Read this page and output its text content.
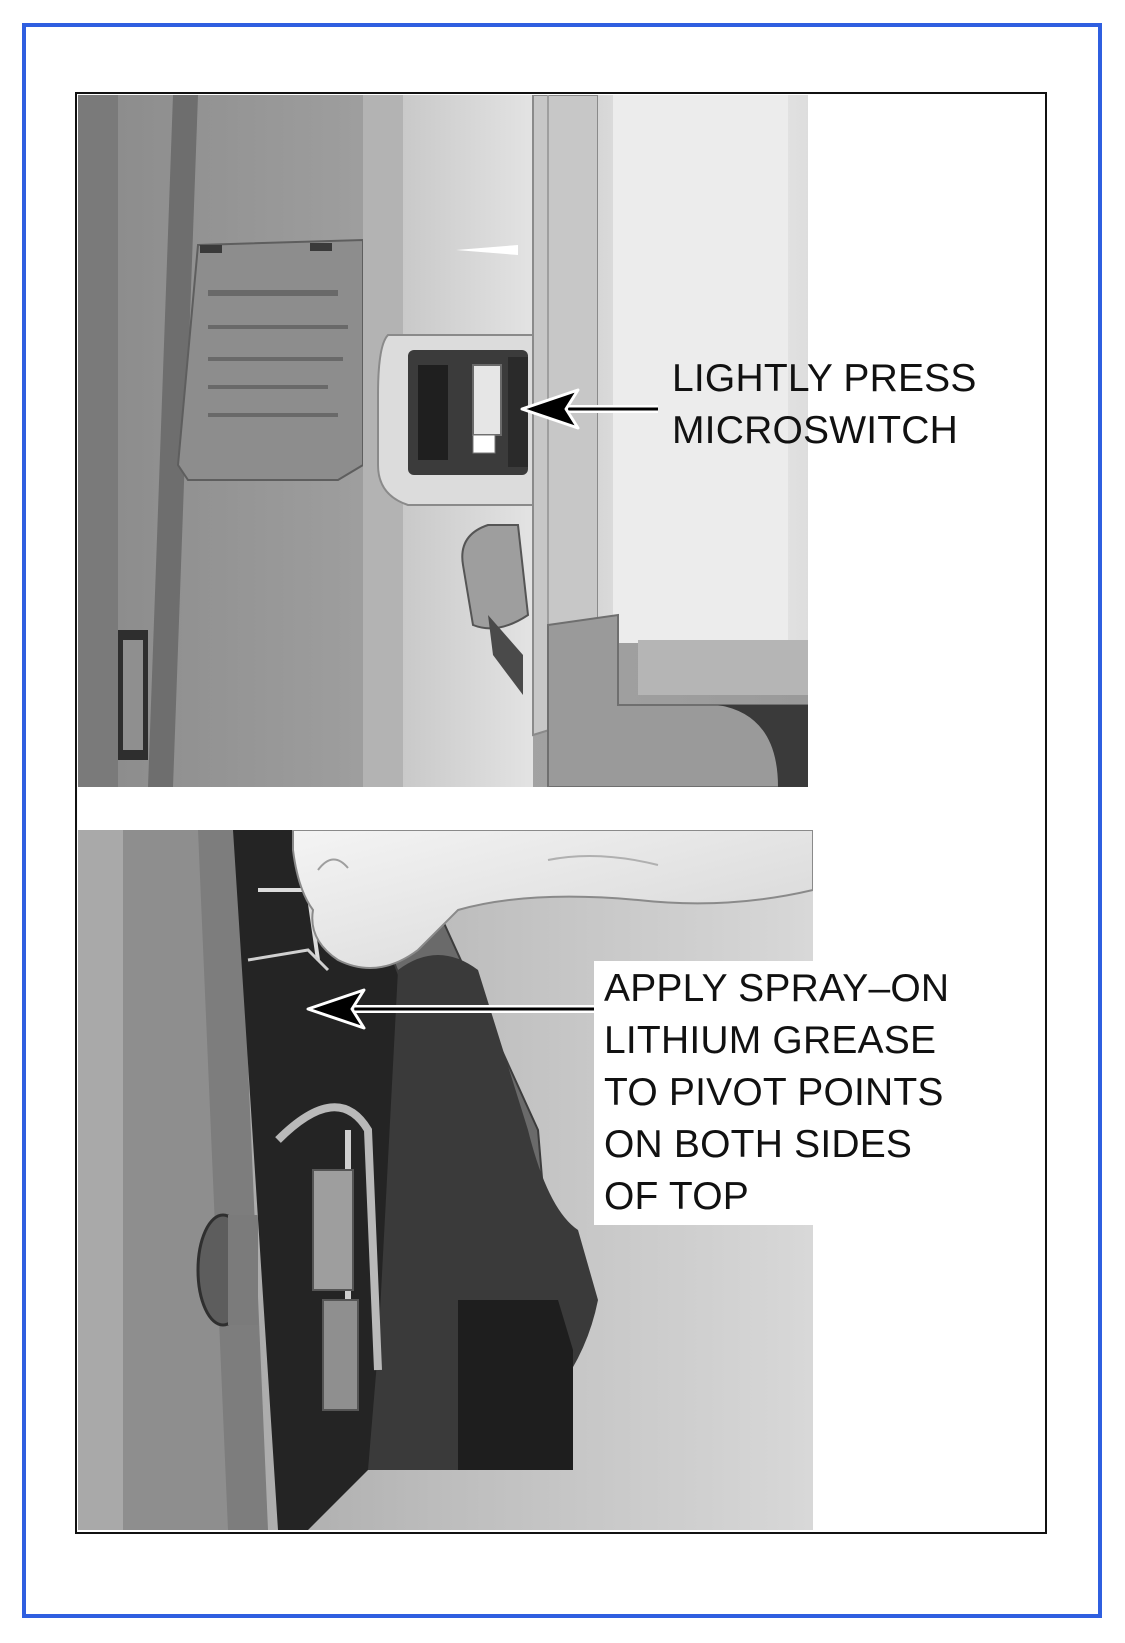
LIGHTLY PRESS
MICROSWITCH
APPLY SPRAY–ON
LITHIUM GREASE
TO PIVOT POINTS
ON BOTH SIDES
OF TOP
